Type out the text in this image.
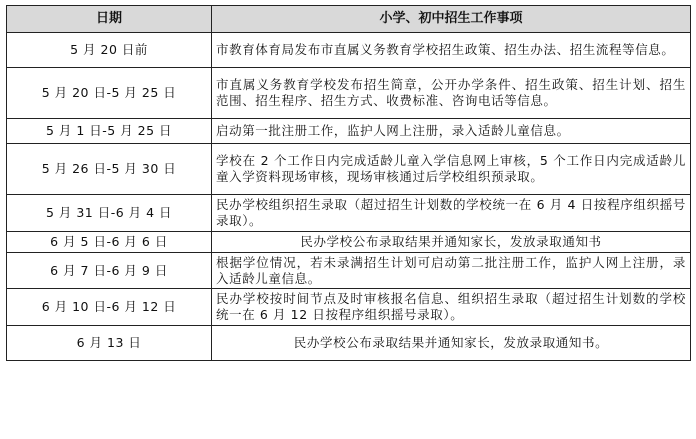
日期	小学、初中招生工作事项
5 月 20 日前	市教育体育局发布市直属义务教育学校招生政策、招生办法、招生流程等信息。
5 月 20 日-5 月 25 日	市直属义务教育学校发布招生简章，公开办学条件、招生政策、招生计划、招生范围、招生程序、招生方式、收费标准、咨询电话等信息。
5 月 1 日-5 月 25 日	启动第一批注册工作，监护人网上注册，录入适龄儿童信息。
5 月 26 日-5 月 30 日	学校在 2 个工作日内完成适龄儿童入学信息网上审核，5 个工作日内完成适龄儿童入学资料现场审核，现场审核通过后学校组织预录取。
5 月 31 日-6 月 4 日	民办学校组织招生录取（超过招生计划数的学校统一在 6 月 4 日按程序组织摇号录取）。
6 月 5 日-6 月 6 日	民办学校公布录取结果并通知家长，发放录取通知书
6 月 7 日-6 月 9 日	根据学位情况，若未录满招生计划可启动第二批注册工作，监护人网上注册，录入适龄儿童信息。
6 月 10 日-6 月 12 日	民办学校按时间节点及时审核报名信息、组织招生录取（超过招生计划数的学校统一在 6 月 12 日按程序组织摇号录取）。
6 月 13 日	民办学校公布录取结果并通知家长，发放录取通知书。
